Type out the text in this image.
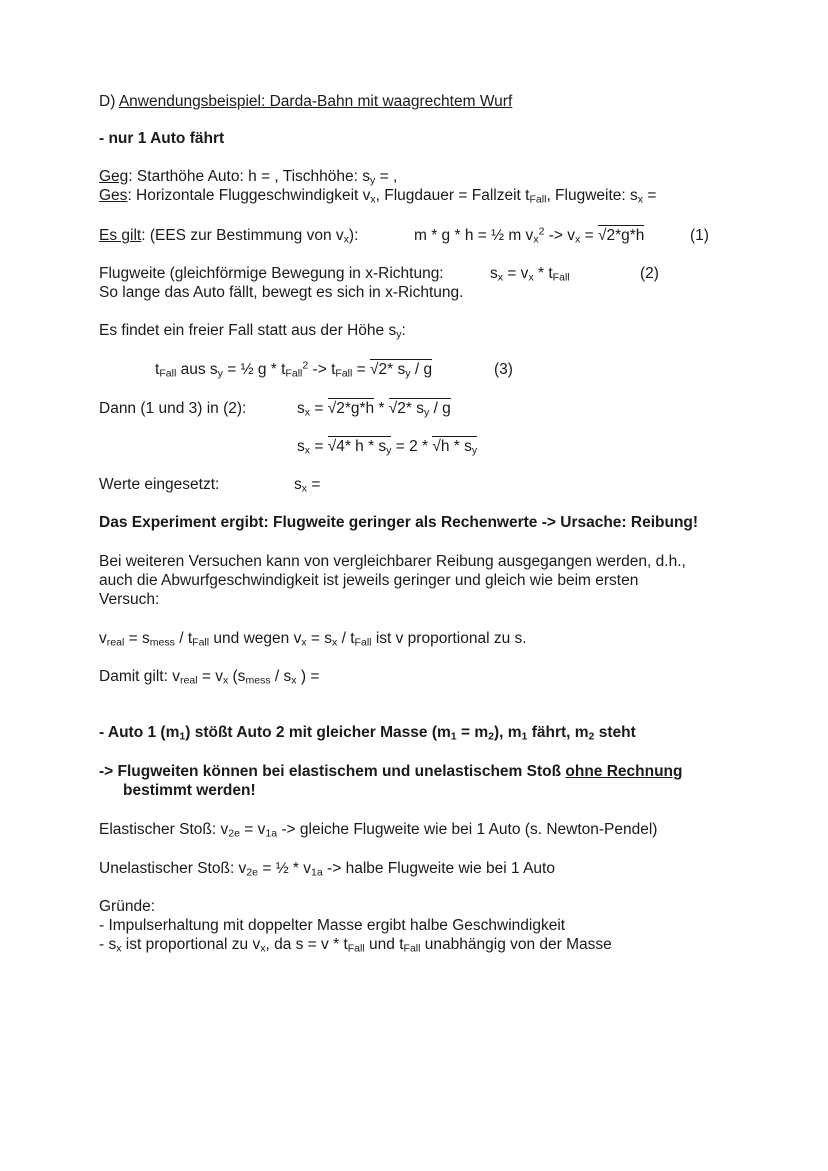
D) Anwendungsbeispiel: Darda-Bahn mit waagrechtem Wurf
- nur 1 Auto fährt
Geg: Starthöhe Auto: h = , Tischhöhe: $s_y$ = ,
Ges: Horizontale Fluggeschwindigkeit $v_x$, Flugdauer = Fallzeit $t_{Fall}$, Flugweite: $s_x$ =
Es gilt: (EES zur Bestimmung von $v_x$):	m * g * h = ½ m $v_x^2 -> v_x = √2*g*h$	(1)
Flugweite (gleichförmige Bewegung in x-Richtung:	$s_x = v_x * t_{Fall}$	(2)
So lange das Auto fällt, bewegt es sich in x-Richtung.
Es findet ein freier Fall statt aus der Höhe $s_y$:
$t_{Fall}$ aus $s_y$ = ½ $g * t_{Fall}^2 -> t_{Fall} = √2*$ $s_y$ / g	(3)
Dann (1 und 3) in (2):	$s_x = √2*g*h * √2*$ $s_y$ / g
$s_x = √4*$ $h * s_y = 2 * √h * s_y$
Werte eingesetzt:	$s_x$ =
Das Experiment ergibt: Flugweite geringer als Rechenwerte -> Ursache: Reibung!
Bei weiteren Versuchen kann von vergleichbarer Reibung ausgegangen werden, d.h.,
auch die Abwurfgeschwindigkeit ist jeweils geringer und gleich wie beim ersten
Versuch:
$v_{real} = s_{mess} / t_{Fall}$ und wegen $v_x = s_x / t_{Fall}$ ist v proportional zu s.
Damit gilt: $v_{real} = v_x$ ($s_{mess} / s_x$ ) =
- Auto 1 $(m_1)$ stößt Auto 2 mit gleicher Masse $(m_1 = m_2)$, $m_1$ fährt, $m_2$ steht
-> Flugweiten können bei elastischem und unelastischem Stoß ohne Rechnung
bestimmt werden!
Elastischer Stoß: $v_{2e} = v_{1a}$ -> gleiche Flugweite wie bei 1 Auto (s. Newton-Pendel)
Unelastischer Stoß: $v_{2e}$ = ½ * $v_{1a}$ -> halbe Flugweite wie bei 1 Auto
Gründe:
- Impulserhaltung mit doppelter Masse ergibt halbe Geschwindigkeit
- $s_x$ ist proportional zu $v_x$, da $s = v * t_{Fall}$ und $t_{Fall}$ unabhängig von der Masse
